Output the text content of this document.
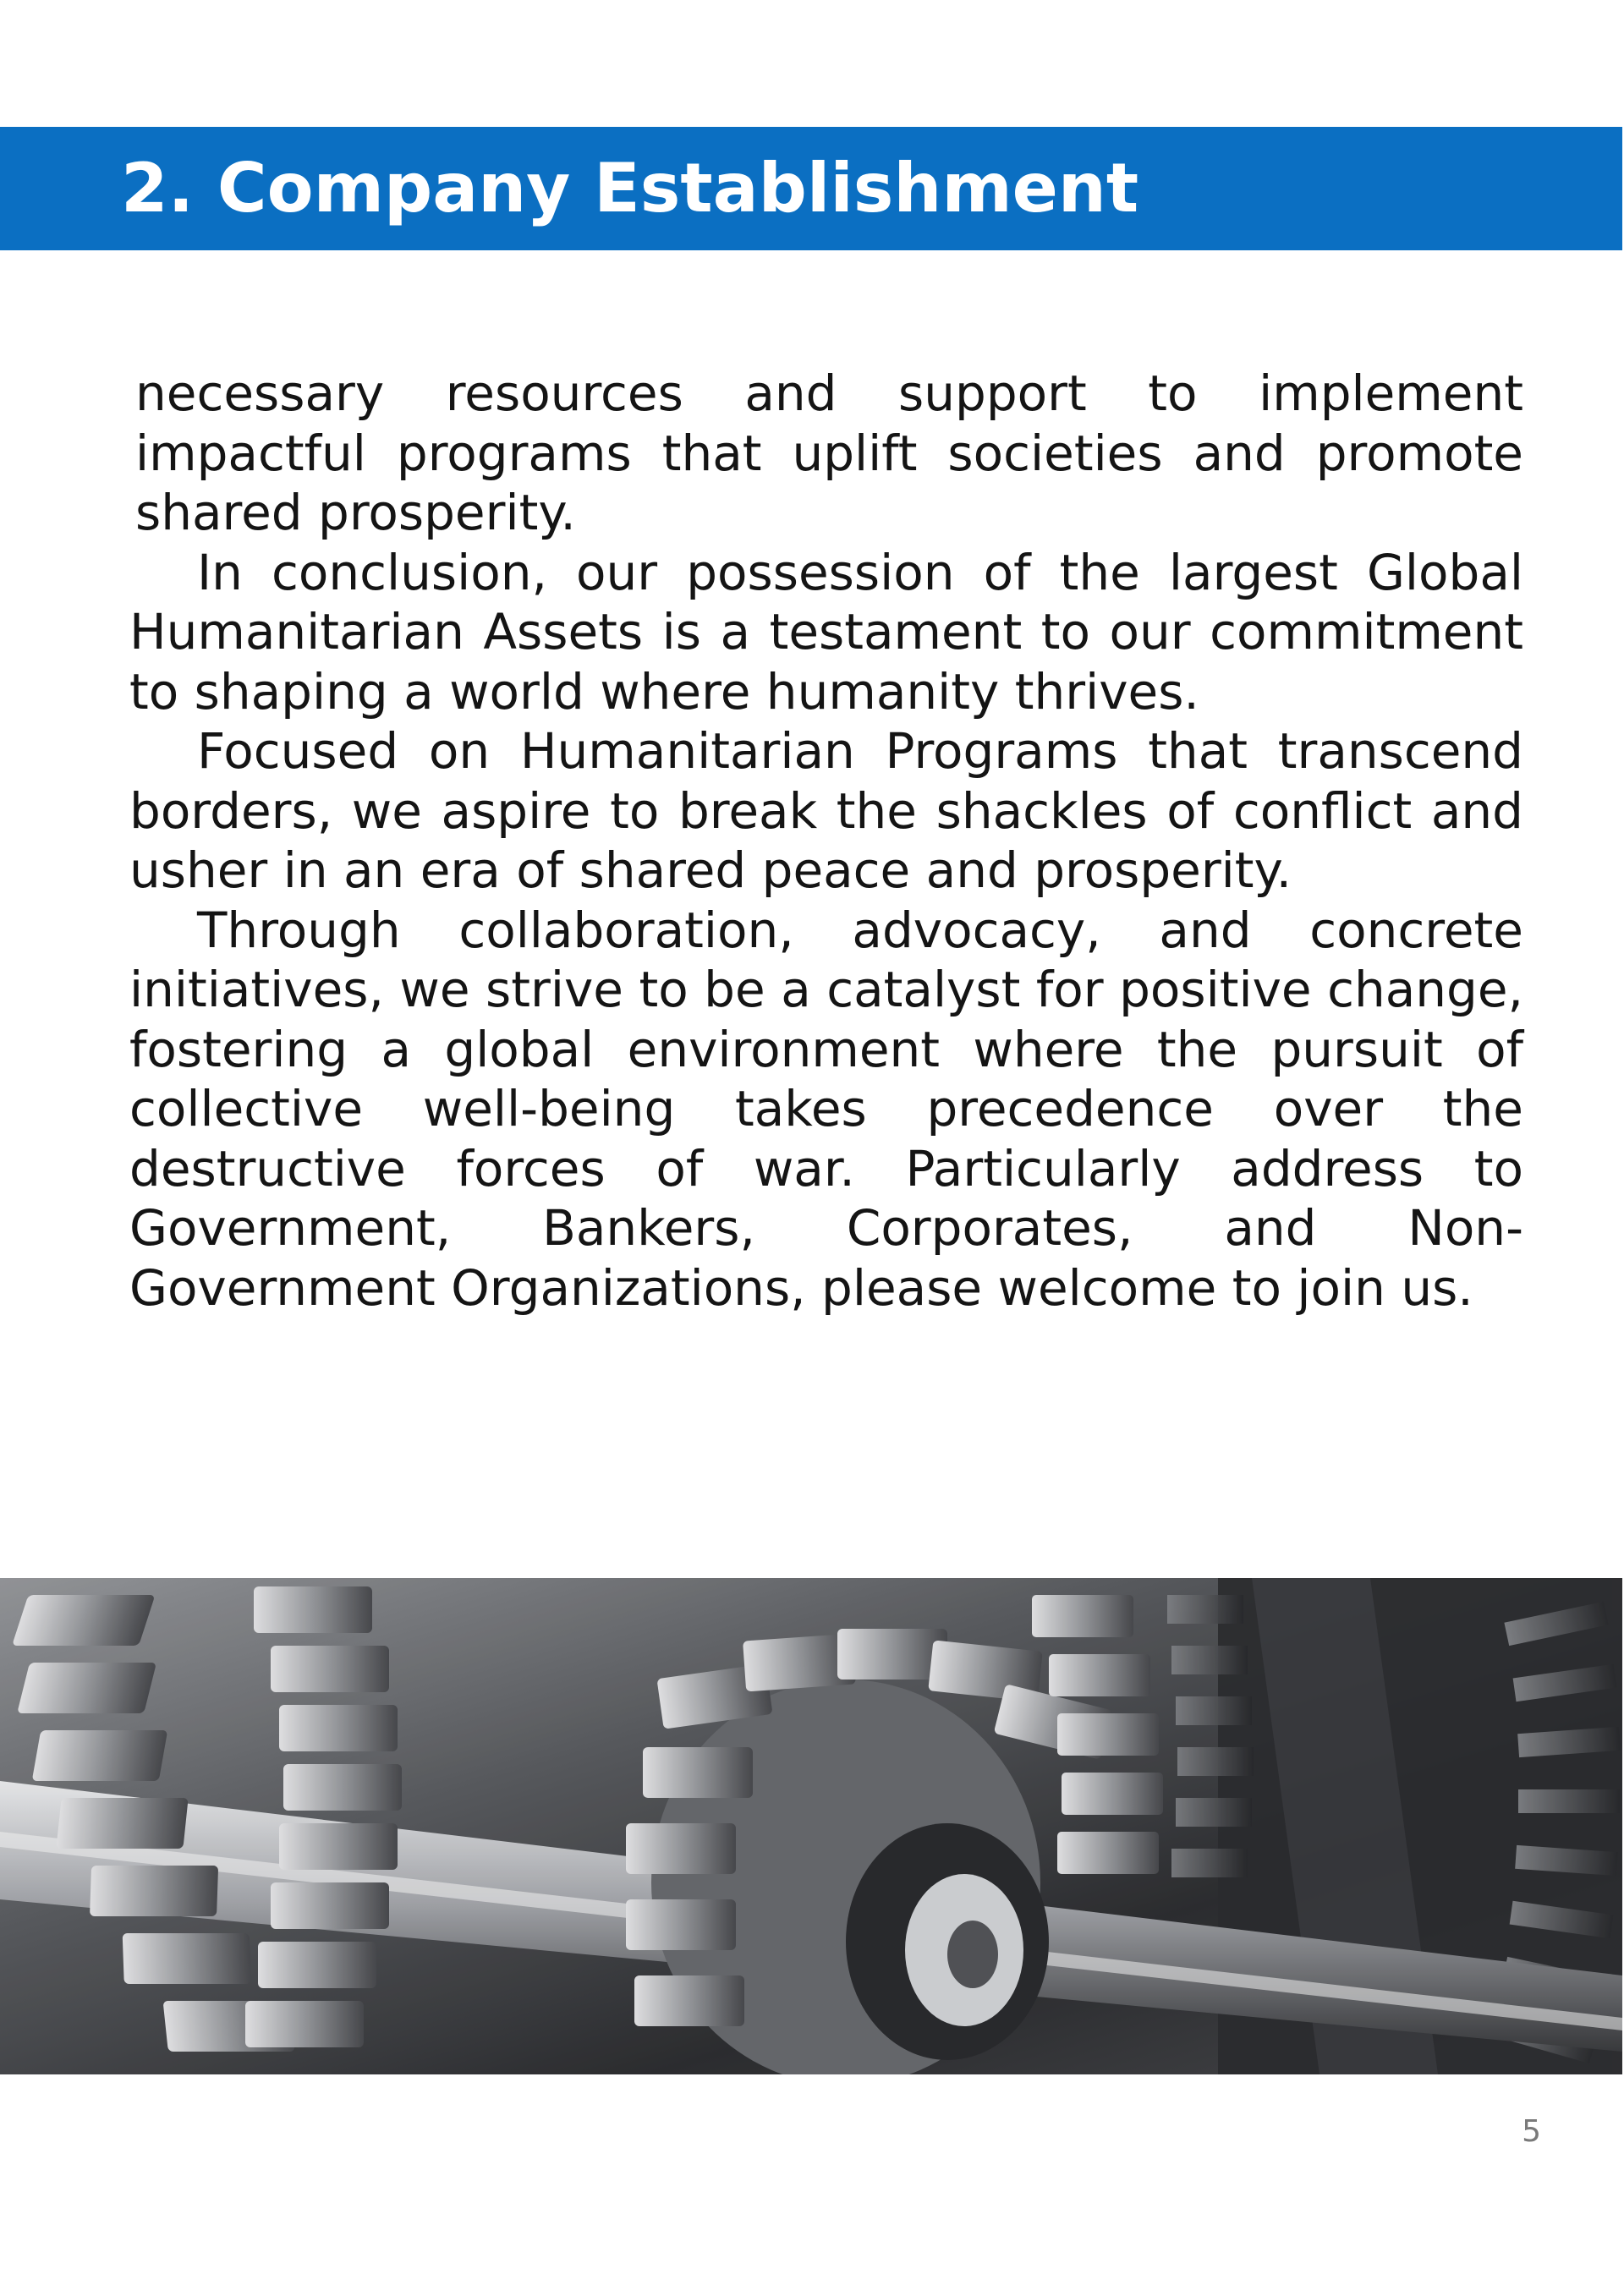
2. Company Establishment

necessary resources and support to implement impactful programs that uplift societies and promote shared prosperity.

In conclusion, our possession of the largest Global Humanitarian Assets is a testament to our commitment to shaping a world where humanity thrives.

Focused on Humanitarian Programs that transcend borders, we aspire to break the shackles of conflict and usher in an era of shared peace and prosperity.

Through collaboration, advocacy, and concrete initiatives, we strive to be a catalyst for positive change, fostering a global environment where the pursuit of collective well-being takes precedence over the destructive forces of war. Particularly address to Government, Bankers, Corporates, and Non-Government Organizations, please welcome to join us.

5
